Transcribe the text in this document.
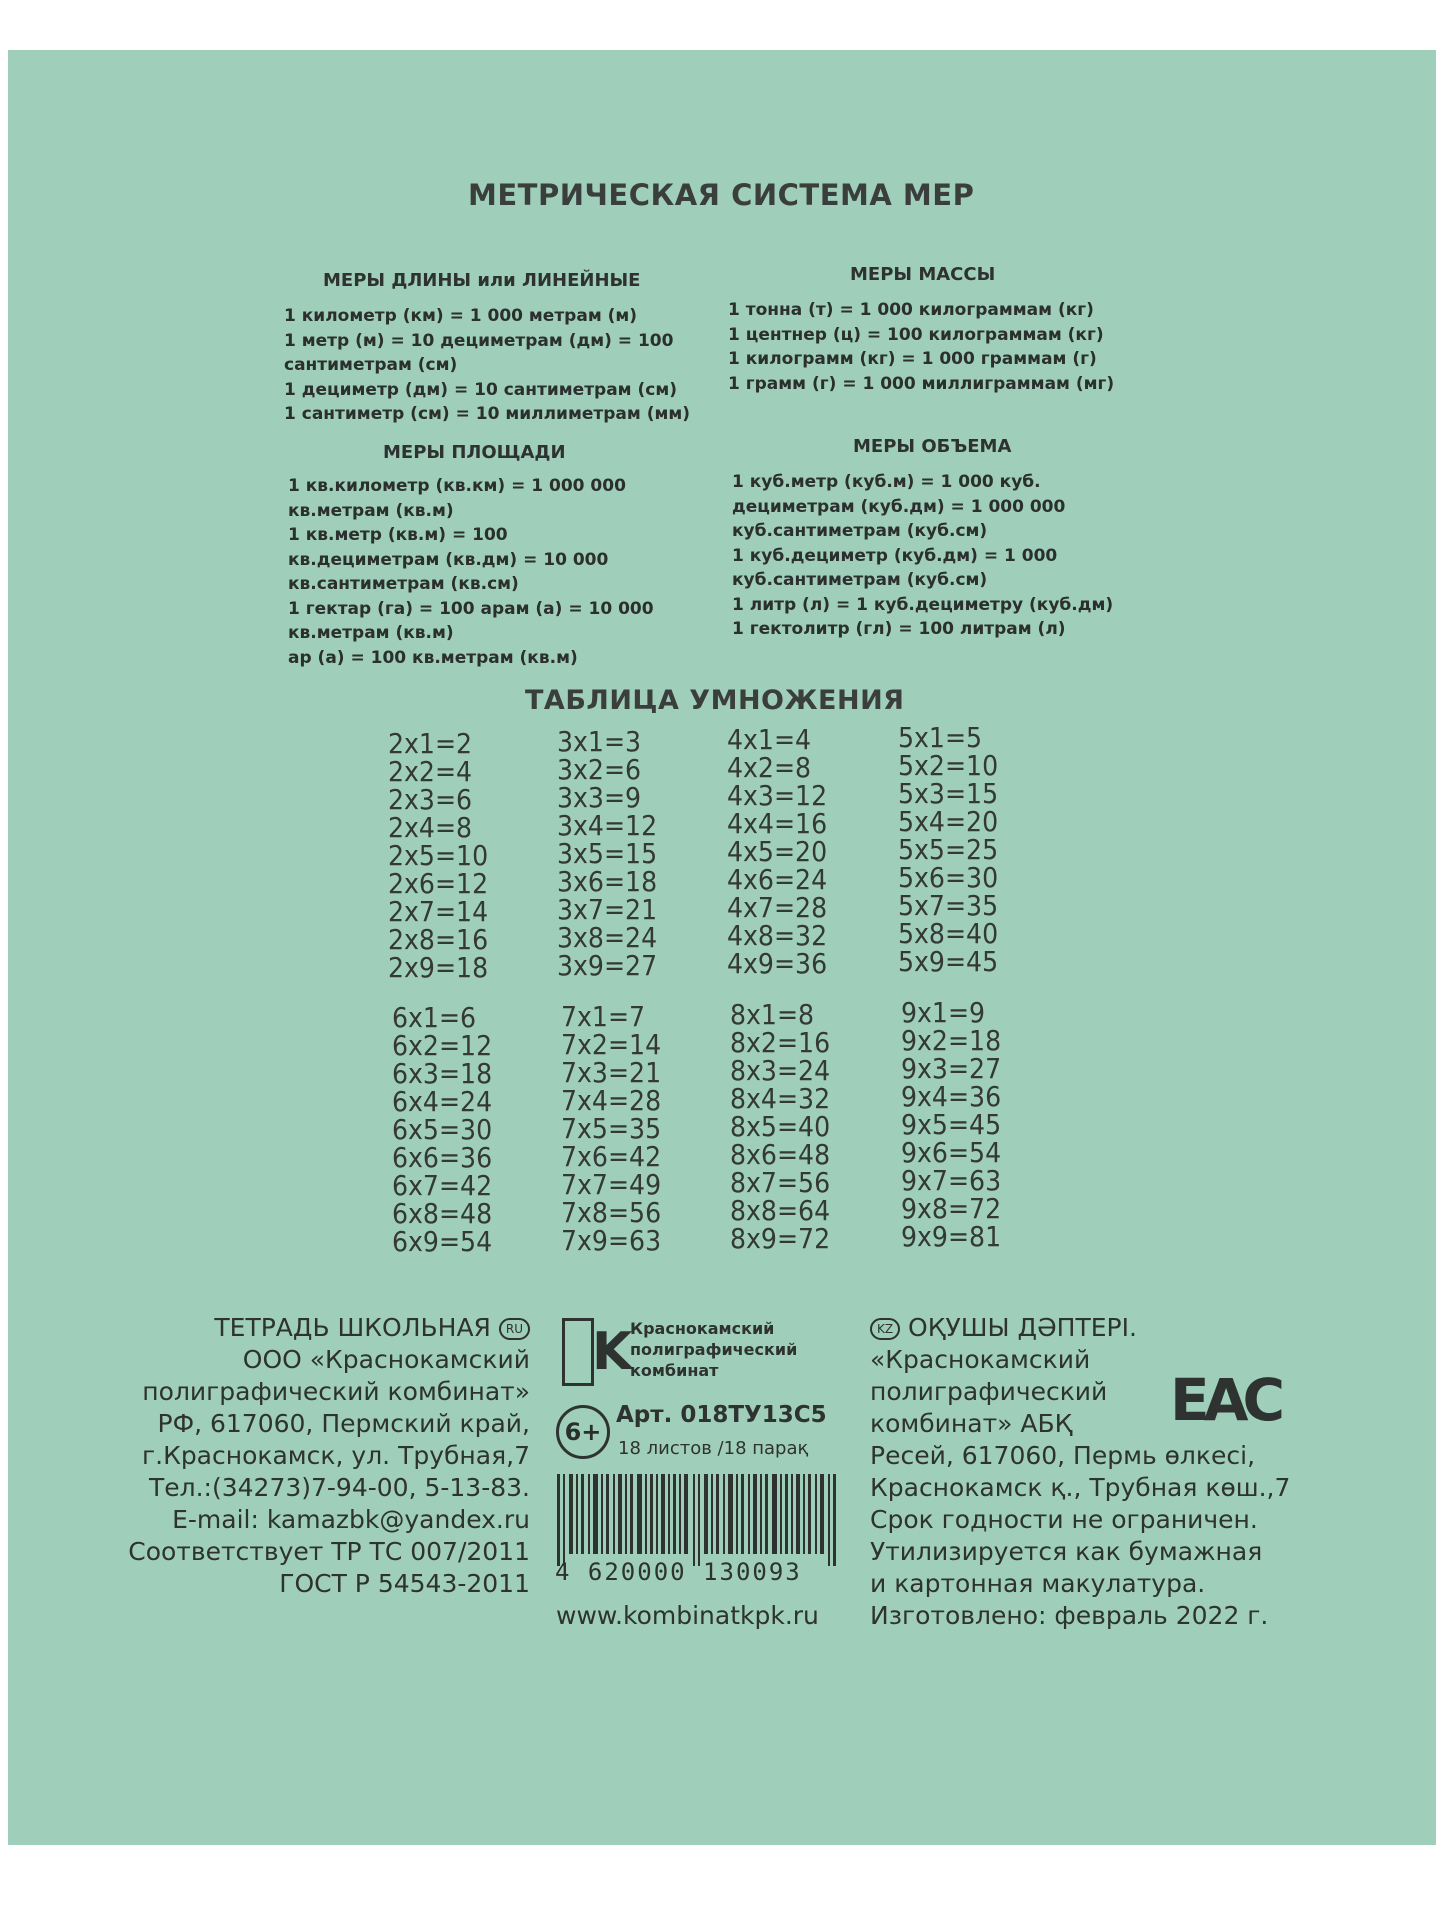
МЕТРИЧЕСКАЯ СИСТЕМА МЕР
МЕРЫ ДЛИНЫ или ЛИНЕЙНЫЕ
1 километр (км) = 1 000 метрам (м)
1 метр (м) = 10 дециметрам (дм) = 100
сантиметрам (см)
1 дециметр (дм) = 10 сантиметрам (см)
1 сантиметр (см) = 10 миллиметрам (мм)
МЕРЫ МАССЫ
1 тонна (т) = 1 000 килограммам (кг)
1 центнер (ц) = 100 килограммам (кг)
1 килограмм (кг) = 1 000 граммам (г)
1 грамм (г) = 1 000 миллиграммам (мг)
МЕРЫ ПЛОЩАДИ
1 кв.километр (кв.км) = 1 000 000
кв.метрам (кв.м)
1 кв.метр (кв.м) = 100
кв.дециметрам (кв.дм) = 10 000
кв.сантиметрам (кв.см)
1 гектар (га) = 100 арам (а) = 10 000
кв.метрам (кв.м)
ар (а) = 100 кв.метрам (кв.м)
МЕРЫ ОБЪЕМА
1 куб.метр (куб.м) = 1 000 куб.
дециметрам (куб.дм) = 1 000 000
куб.сантиметрам (куб.см)
1 куб.дециметр (куб.дм) = 1 000
куб.сантиметрам (куб.см)
1 литр (л) = 1 куб.дециметру (куб.дм)
1 гектолитр (гл) = 100 литрам (л)
ТАБЛИЦА УМНОЖЕНИЯ
2x1=2
2x2=4
2x3=6
2x4=8
2x5=10
2x6=12
2x7=14
2x8=16
2x9=18
3x1=3
3x2=6
3x3=9
3x4=12
3x5=15
3x6=18
3x7=21
3x8=24
3x9=27
4x1=4
4x2=8
4x3=12
4x4=16
4x5=20
4x6=24
4x7=28
4x8=32
4x9=36
5x1=5
5x2=10
5x3=15
5x4=20
5x5=25
5x6=30
5x7=35
5x8=40
5x9=45
6x1=6
6x2=12
6x3=18
6x4=24
6x5=30
6x6=36
6x7=42
6x8=48
6x9=54
7x1=7
7x2=14
7x3=21
7x4=28
7x5=35
7x6=42
7x7=49
7x8=56
7x9=63
8x1=8
8x2=16
8x3=24
8x4=32
8x5=40
8x6=48
8x7=56
8x8=64
8x9=72
9x1=9
9x2=18
9x3=27
9x4=36
9x5=45
9x6=54
9x7=63
9x8=72
9x9=81
ТЕТРАДЬ ШКОЛЬНАЯ RU
ООО «Краснокамский
полиграфический комбинат»
РФ, 617060, Пермский край,
г.Краснокамск, ул. Трубная,7
Тел.:(34273)7-94-00, 5-13-83.
E-mail: kamazbk@yandex.ru
Соответствует ТР ТС 007/2011
ГОСТ Р 54543-2011
K
Краснокамский
полиграфический
комбинат
6+
Арт. 018ТУ13С5
18 листов /18 парақ
4 620000 130093
www.kombinatkpk.ru
KZ ОҚУШЫ ДӘПТЕРІ.
«Краснокамский
полиграфический
комбинат» АБҚ
Ресей, 617060, Пермь өлкесі,
Краснокамск қ., Трубная көш.,7
Срок годности не ограничен.
Утилизируется как бумажная
и картонная макулатура.
Изготовлено: февраль 2022 г.
EAC
